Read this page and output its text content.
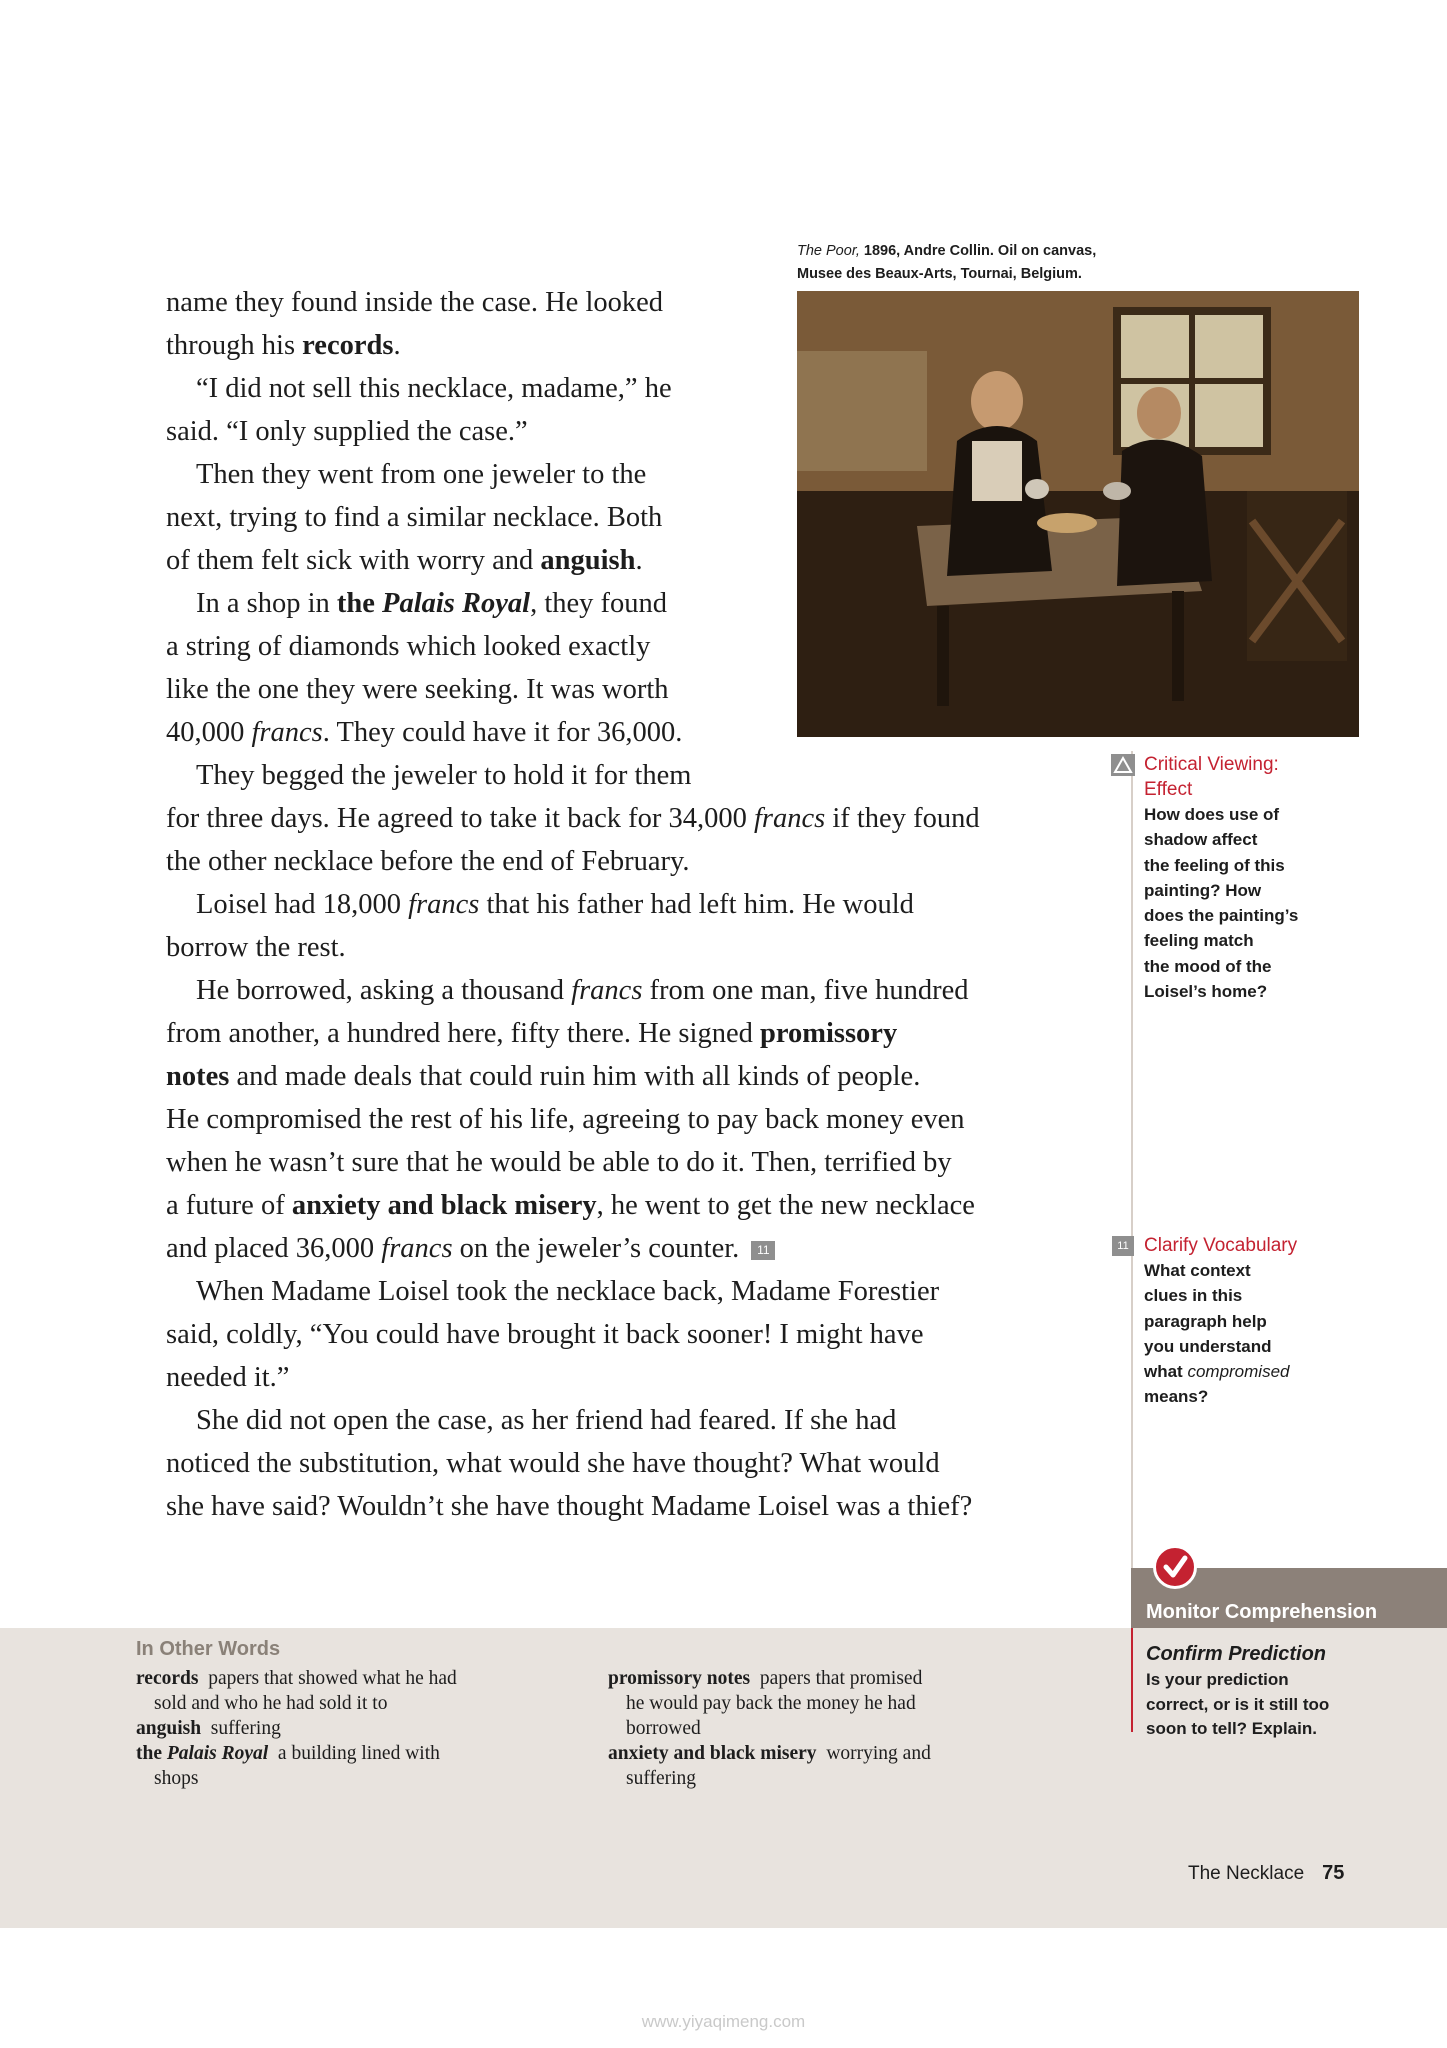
The Poor, 1896, Andre Collin. Oil on canvas,
Musee des Beaux-Arts, Tournai, Belgium.
name they found inside the case. He looked
through his records.
“I did not sell this necklace, madame,” he
said. “I only supplied the case.”
Then they went from one jeweler to the
next, trying to find a similar necklace. Both
of them felt sick with worry and anguish.
In a shop in the Palais Royal, they found
a string of diamonds which looked exactly
like the one they were seeking. It was worth
40,000 francs. They could have it for 36,000.
They begged the jeweler to hold it for them
for three days. He agreed to take it back for 34,000 francs if they found
the other necklace before the end of February.
Loisel had 18,000 francs that his father had left him. He would
borrow the rest.
He borrowed, asking a thousand francs from one man, five hundred
from another, a hundred here, fifty there. He signed promissory
notes and made deals that could ruin him with all kinds of people.
He compromised the rest of his life, agreeing to pay back money even
when he wasn’t sure that he would be able to do it. Then, terrified by
a future of anxiety and black misery, he went to get the new necklace
and placed 36,000 francs on the jeweler’s counter. 11
When Madame Loisel took the necklace back, Madame Forestier
said, coldly, “You could have brought it back sooner! I might have
needed it.”
She did not open the case, as her friend had feared. If she had
noticed the substitution, what would she have thought? What would
she have said? Wouldn’t she have thought Madame Loisel was a thief?
Critical Viewing:
Effect
How does use of
shadow affect
the feeling of this
painting? How
does the painting’s
feeling match
the mood of the
Loisel’s home?
11 Clarify Vocabulary
What context
clues in this
paragraph help
you understand
what compromised
means?
Monitor Comprehension
Confirm Prediction
Is your prediction
correct, or is it still too
soon to tell? Explain.
In Other Words
records papers that showed what he had
sold and who he had sold it to
anguish suffering
the Palais Royal a building lined with
shops
promissory notes papers that promised
he would pay back the money he had
borrowed
anxiety and black misery worrying and
suffering
The Necklace 75
www.yiyaqimeng.com
